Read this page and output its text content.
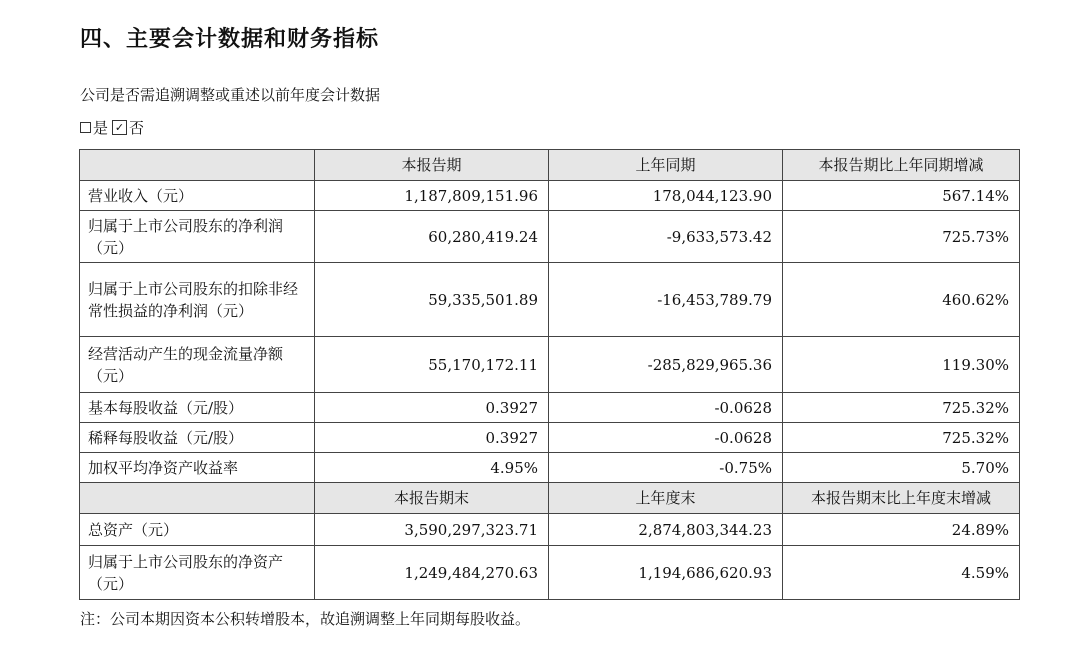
四、主要会计数据和财务指标
公司是否需追溯调整或重述以前年度会计数据
是 ✓ 否
	本报告期	上年同期	本报告期比上年同期增减
营业收入（元）	1,187,809,151.96	178,044,123.90	567.14%
归属于上市公司股东的净利润（元）	60,280,419.24	-9,633,573.42	725.73%
归属于上市公司股东的扣除非经常性损益的净利润（元）	59,335,501.89	-16,453,789.79	460.62%
经营活动产生的现金流量净额（元）	55,170,172.11	-285,829,965.36	119.30%
基本每股收益（元/股）	0.3927	-0.0628	725.32%
稀释每股收益（元/股）	0.3927	-0.0628	725.32%
加权平均净资产收益率	4.95%	-0.75%	5.70%
	本报告期末	上年度末	本报告期末比上年度末增减
总资产（元）	3,590,297,323.71	2,874,803,344.23	24.89%
归属于上市公司股东的净资产（元）	1,249,484,270.63	1,194,686,620.93	4.59%
注：公司本期因资本公积转增股本，故追溯调整上年同期每股收益。
